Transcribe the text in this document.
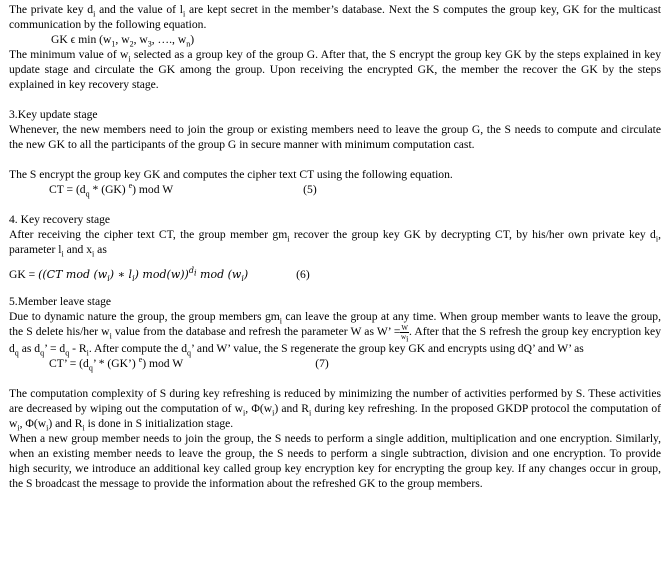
The private key $d_i$ and the value of $l_i$ are kept secret in the member’s database. Next the S computes the group key, GK for the multicast communication by the following equation.

GK ϵ $\min (w_1$, $w_2$, $w_3$, …., $w_n$)

The minimum value of $w_i$ selected as a group key of the group G. After that, the S encrypt the group key GK by the steps explained in key update stage and circulate the GK among the group. Upon receiving the encrypted GK, the member the recover the GK by the steps explained in key recovery stage.

3.Key update stage

Whenever, the new members need to join the group or existing members need to leave the group G, the S needs to compute and circulate the new GK to all the participants of the group G in secure manner with minimum computation cast.

The S encrypt the group key GK and computes the cipher text CT using the following equation.

CT = ($d_q * (GK)$ $^e$) mod W	(5)

4. Key recovery stage

After receiving the cipher text CT, the group member $gm_i$ recover the group key GK by decrypting CT, by his/her own private key $d_i$, parameter $l_i$ and $x_i$ as

GK = ((CT mod $(w_i)$ ∗ $l_i$) mod(w))$^{d_i}$ mod $(w_i)$	(6)

5.Member leave stage

Due to dynamic nature the group, the group members $gm_i$ can leave the group at any time. When group member wants to leave the group, the S delete his/her $w_i$ value from the database and refresh the parameter W as W’ = $\frac{W}{w_i}$ . After that the S refresh the group key encryption key $d_q$ as $d_q$’ = $d_q - R_i$. After compute the $d_q$’ and W’ value, the S regenerate the group key GK and encrypts using dQ’ and W’ as

CT’ = ($d_q$’ * (GK’) $^e$) mod W	(7)

The computation complexity of S during key refreshing is reduced by minimizing the number of activities performed by S. These activities are decreased by wiping out the computation of $w_i$, $\Phi(w_i)$ and $R_i$ during key refreshing. In the proposed GKDP protocol the computation of $w_i$, $\Phi(w_i)$ and $R_i$ is done in S initialization stage.

When a new group member needs to join the group, the S needs to perform a single addition, multiplication and one encryption. Similarly, when an existing member needs to leave the group, the S needs to perform a single subtraction, division and one encryption. To provide high security, we introduce an additional key called group key encryption key for encrypting the group key. If any changes occur in group, the S broadcast the message to provide the information about the refreshed GK to the group members.
